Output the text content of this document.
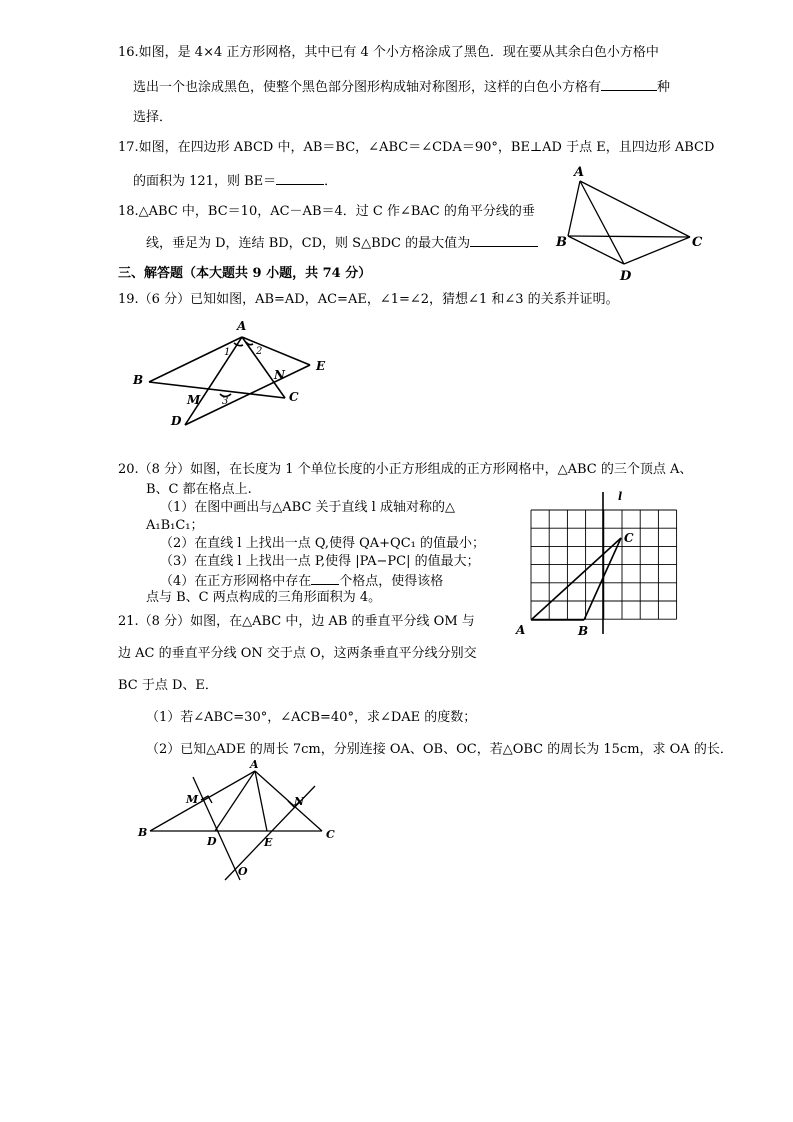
16.如图，是 4×4 正方形网格，其中已有 4 个小方格涂成了黑色．现在要从其余白色小方格中
选出一个也涂成黑色，使整个黑色部分图形构成轴对称图形，这样的白色小方格有	种
选择．
17.如图，在四边形 ABCD 中，AB＝BC，∠ABC＝∠CDA＝90°，BE⊥AD 于点 E，且四边形 ABCD
的面积为 121，则 BE＝	．
18.△ABC 中，BC＝10，AC－AB＝4．过 C 作∠BAC 的角平分线的垂
线，垂足为 D，连结 BD，CD，则 S△BDC 的最大值为
A
B	C
D
三、解答题（本大题共 9 小题，共 74 分）
19.（6 分）已知如图，AB=AD，AC=AE，∠1=∠2，猜想∠1 和∠3 的关系并证明。
A
B
C
D
E
M
N
1	2
3
20.（8 分）如图，在长度为 1 个单位长度的小正方形组成的正方形网格中，△ABC 的三个顶点 A、
B、C 都在格点上.
（1）在图中画出与△ABC 关于直线 l 成轴对称的△
A₁B₁C₁；
（2）在直线 l 上找出一点 Q,使得 QA+QC₁ 的值最小；
（3）在直线 l 上找出一点 P,使得 |PA−PC| 的值最大；
（4）在正方形网格中存在 个格点，使得该格
点与 B、C 两点构成的三角形面积为 4。
l
C
A	B
21.（8 分）如图，在△ABC 中，边 AB 的垂直平分线 OM 与
边 AC 的垂直平分线 ON 交于点 O，这两条垂直平分线分别交
BC 于点 D、E．
（1）若∠ABC=30°，∠ACB=40°，求∠DAE 的度数；
（2）已知△ADE 的周长 7cm，分别连接 OA、OB、OC，若△OBC 的周长为 15cm，求 OA 的长．
A
B	C
D	E
M	N
O
